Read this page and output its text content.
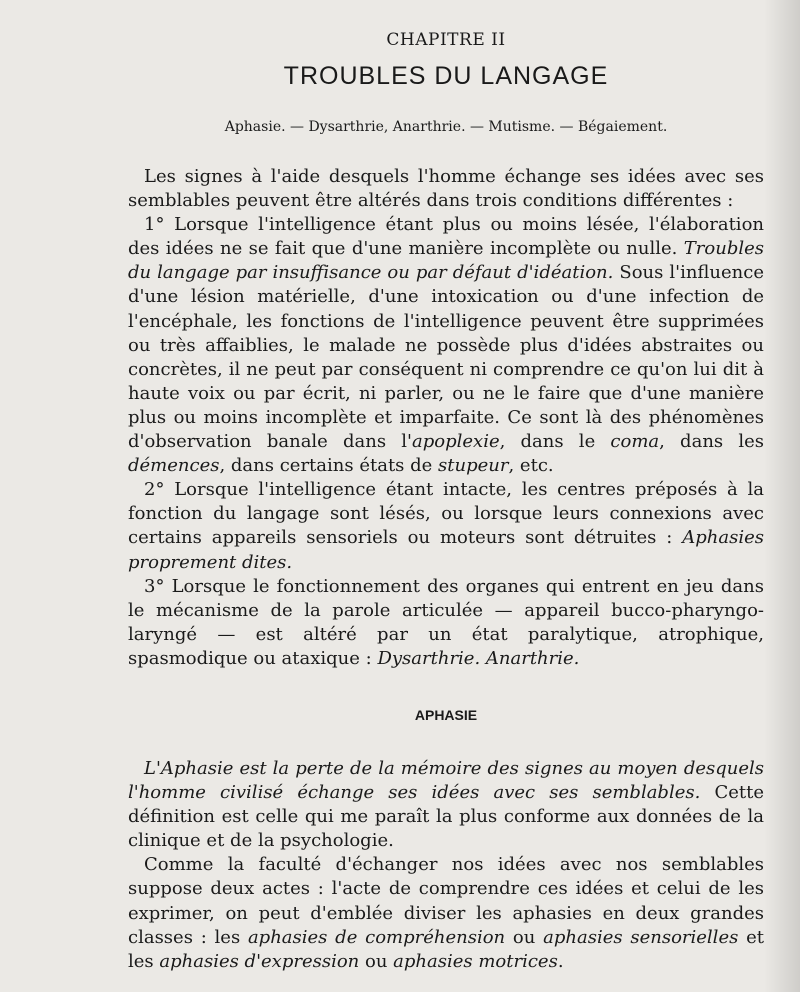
CHAPITRE II
TROUBLES DU LANGAGE
Aphasie. — Dysarthrie, Anarthrie. — Mutisme. — Bégaiement.

Les signes à l'aide desquels l'homme échange ses idées avec ses semblables peuvent être altérés dans trois conditions différentes :

1° Lorsque l'intelligence étant plus ou moins lésée, l'élaboration des idées ne se fait que d'une manière incomplète ou nulle. Troubles du langage par insuffisance ou par défaut d'idéation. Sous l'influence d'une lésion matérielle, d'une intoxication ou d'une infection de l'encéphale, les fonctions de l'intelligence peuvent être supprimées ou très affaiblies, le malade ne possède plus d'idées abstraites ou concrètes, il ne peut par conséquent ni comprendre ce qu'on lui dit à haute voix ou par écrit, ni parler, ou ne le faire que d'une manière plus ou moins incomplète et imparfaite. Ce sont là des phénomènes d'observation banale dans l'apoplexie, dans le coma, dans les démences, dans certains états de stupeur, etc.

2° Lorsque l'intelligence étant intacte, les centres préposés à la fonction du langage sont lésés, ou lorsque leurs connexions avec certains appareils sensoriels ou moteurs sont détruites : Aphasies proprement dites.

3° Lorsque le fonctionnement des organes qui entrent en jeu dans le mécanisme de la parole articulée — appareil bucco-pharyngo-laryngé — est altéré par un état paralytique, atrophique, spasmodique ou ataxique : Dysarthrie. Anarthrie.

APHASIE

L'Aphasie est la perte de la mémoire des signes au moyen desquels l'homme civilisé échange ses idées avec ses semblables. Cette définition est celle qui me paraît la plus conforme aux données de la clinique et de la psychologie.

Comme la faculté d'échanger nos idées avec nos semblables suppose deux actes : l'acte de comprendre ces idées et celui de les exprimer, on peut d'emblée diviser les aphasies en deux grandes classes : les aphasies de compréhension ou aphasies sensorielles et les aphasies d'expression ou aphasies motrices.
